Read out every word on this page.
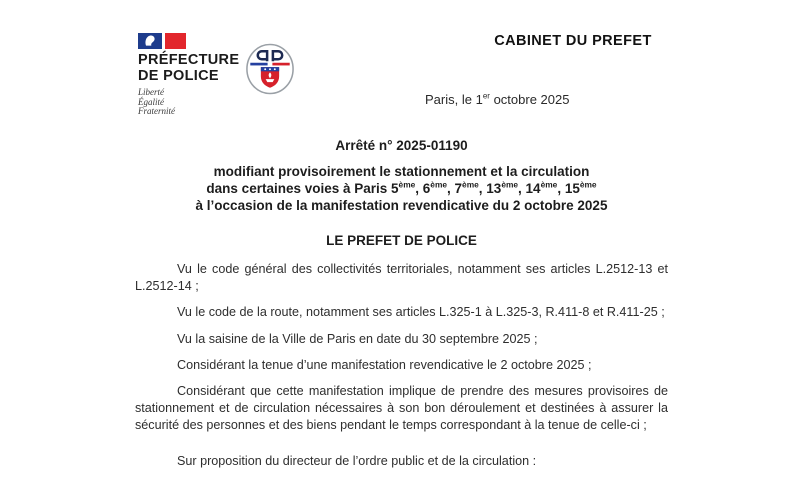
PRÉFECTURE
DE POLICE
Liberté
Égalité
Fraternité
CABINET DU PREFET
Paris, le 1er octobre 2025
Arrêté n° 2025-01190
modifiant provisoirement le stationnement et la circulation
dans certaines voies à Paris 5ème, 6ème, 7ème, 13ème, 14ème, 15ème
à l’occasion de la manifestation revendicative du 2 octobre 2025
LE PREFET DE POLICE

Vu le code général des collectivités territoriales, notamment ses articles L.2512-13 et L.2512-14 ;

Vu le code de la route, notamment ses articles L.325-1 à L.325-3, R.411-8 et R.411-25 ;

Vu la saisine de la Ville de Paris en date du 30 septembre 2025 ;

Considérant la tenue d’une manifestation revendicative le 2 octobre 2025 ;

Considérant que cette manifestation implique de prendre des mesures provisoires de stationnement et de circulation nécessaires à son bon déroulement et destinées à assurer la sécurité des personnes et des biens pendant le temps correspondant à la tenue de celle-ci ;

Sur proposition du directeur de l’ordre public et de la circulation :
